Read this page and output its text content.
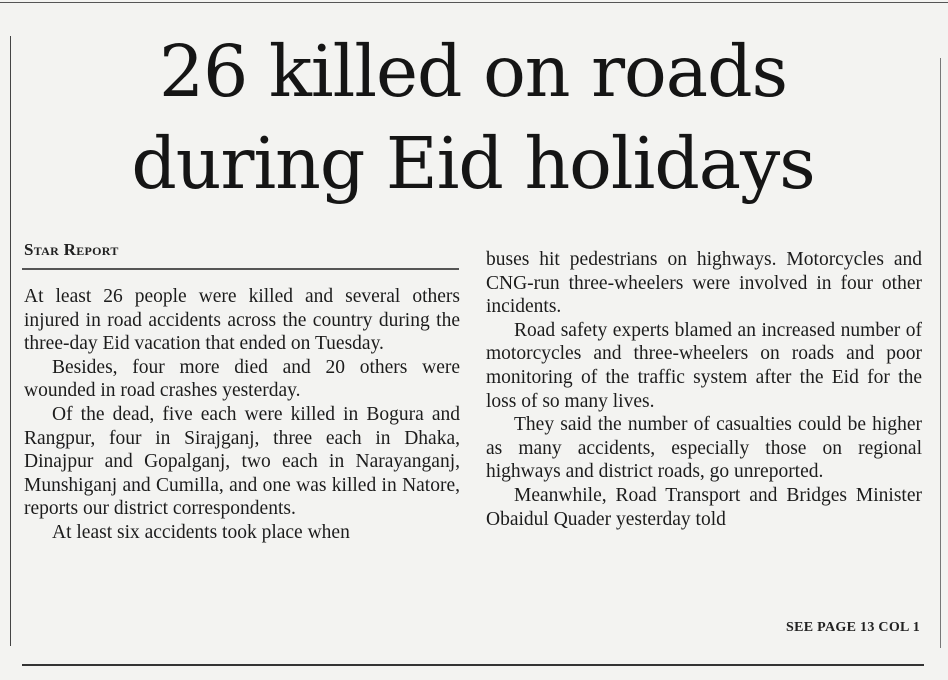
26 killed on roads
during Eid holidays
Star Report

At least 26 people were killed and several others injured in road accidents across the country during the three-day Eid vacation that ended on Tuesday.

Besides, four more died and 20 others were wounded in road crashes yesterday.

Of the dead, five each were killed in Bogura and Rangpur, four in Sirajganj, three each in Dhaka, Dinajpur and Gopalganj, two each in Narayanganj, Munshiganj and Cumilla, and one was killed in Natore, reports our district correspondents.

At least six accidents took place when

buses hit pedestrians on highways. Motorcycles and CNG-run three-wheelers were involved in four other incidents.

Road safety experts blamed an increased number of motorcycles and three-wheelers on roads and poor monitoring of the traffic system after the Eid for the loss of so many lives.

They said the number of casualties could be higher as many accidents, especially those on regional highways and district roads, go unreported.

Meanwhile, Road Transport and Bridges Minister Obaidul Quader yesterday told

SEE PAGE 13 COL 1
